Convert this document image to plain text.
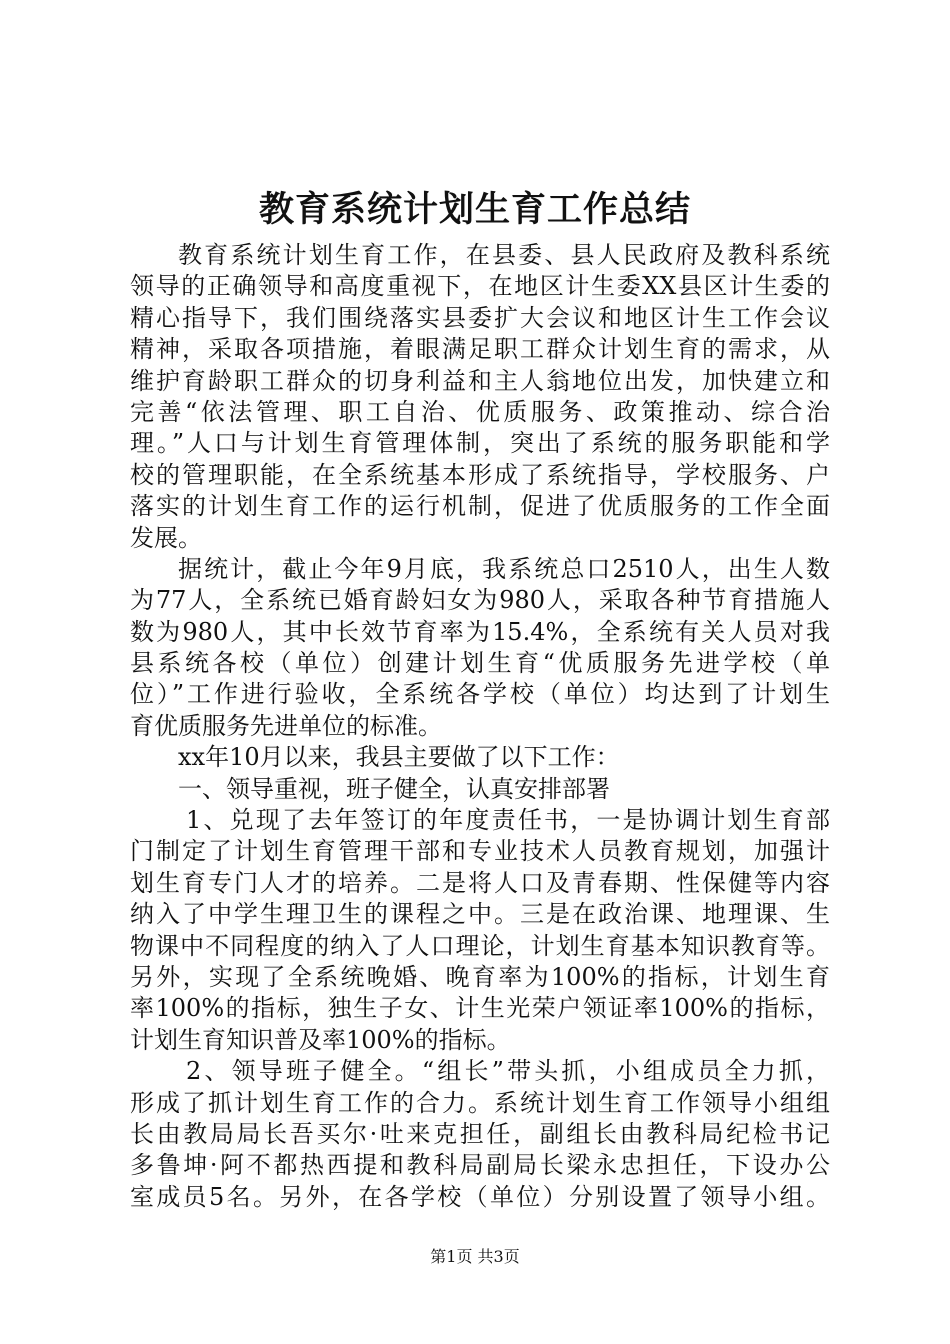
教育系统计划生育工作总结
教育系统计划生育工作，在县委、县人民政府及教科系统
领导的正确领导和高度重视下，在地区计生委XX县区计生委的
精心指导下，我们围绕落实县委扩大会议和地区计生工作会议
精神，采取各项措施，着眼满足职工群众计划生育的需求，从
维护育龄职工群众的切身利益和主人翁地位出发，加快建立和
完善“依法管理、职工自治、优质服务、政策推动、综合治
理。”人口与计划生育管理体制，突出了系统的服务职能和学
校的管理职能，在全系统基本形成了系统指导，学校服务、户
落实的计划生育工作的运行机制，促进了优质服务的工作全面
发展。
据统计，截止今年9月底，我系统总口2510人，出生人数
为77人，全系统已婚育龄妇女为980人，采取各种节育措施人
数为980人，其中长效节育率为15.4%，全系统有关人员对我
县系统各校（单位）创建计划生育“优质服务先进学校（单
位）”工作进行验收，全系统各学校（单位）均达到了计划生
育优质服务先进单位的标准。
xx年10月以来，我县主要做了以下工作：
一、领导重视，班子健全，认真安排部署
1、兑现了去年签订的年度责任书，一是协调计划生育部
门制定了计划生育管理干部和专业技术人员教育规划，加强计
划生育专门人才的培养。二是将人口及青春期、性保健等内容
纳入了中学生理卫生的课程之中。三是在政治课、地理课、生
物课中不同程度的纳入了人口理论，计划生育基本知识教育等。
另外，实现了全系统晚婚、晚育率为100%的指标，计划生育
率100%的指标，独生子女、计生光荣户领证率100%的指标，
计划生育知识普及率100%的指标。
2、领导班子健全。“组长”带头抓，小组成员全力抓，
形成了抓计划生育工作的合力。系统计划生育工作领导小组组
长由教局局长吾买尔·吐来克担任，副组长由教科局纪检书记
多鲁坤·阿不都热西提和教科局副局长梁永忠担任，下设办公
室成员5名。另外，在各学校（单位）分别设置了领导小组。
第1页 共3页
